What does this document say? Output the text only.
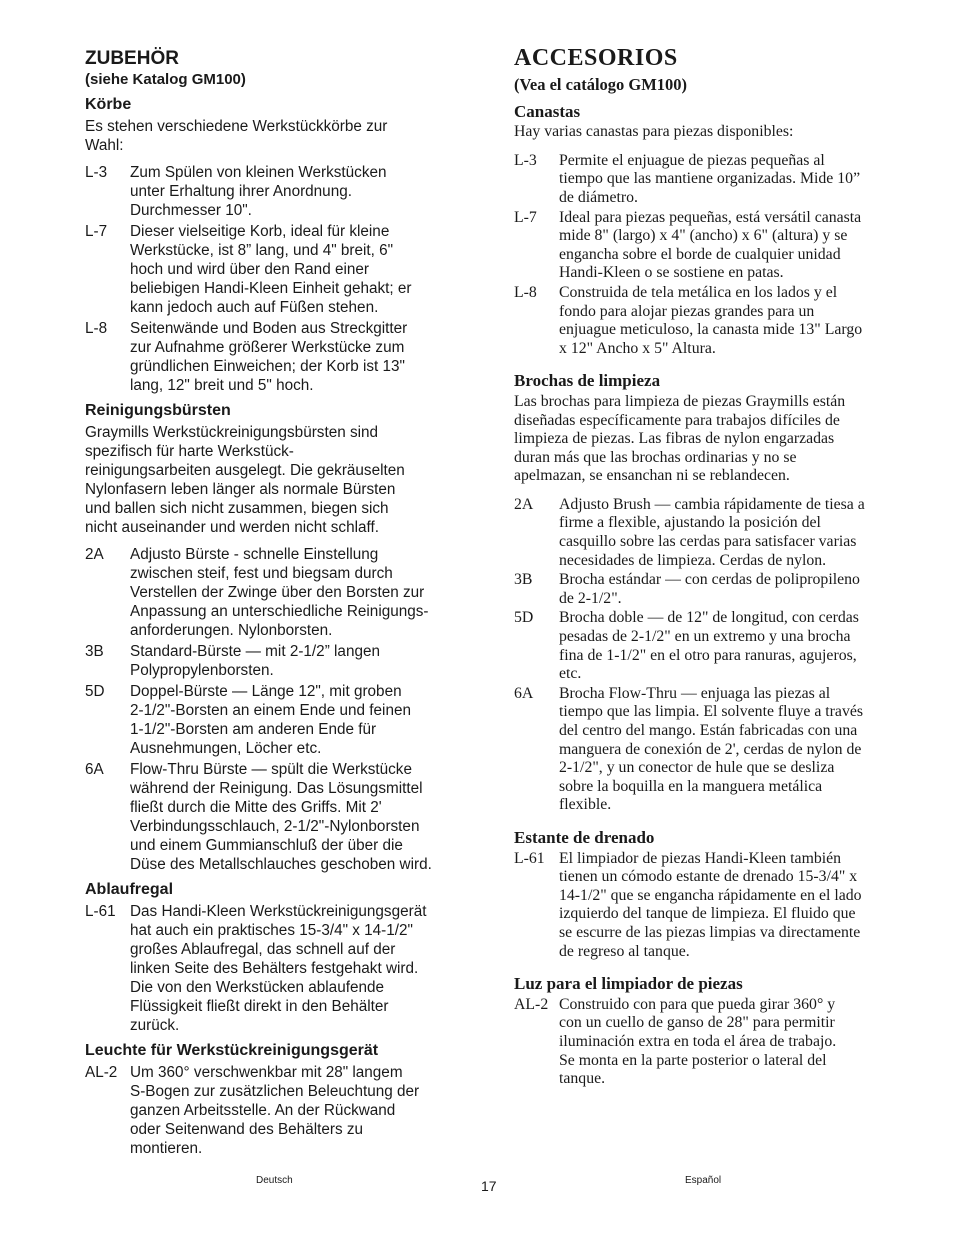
ZUBEHÖR
(siehe Katalog GM100)
Körbe
Es stehen verschiedene Werkstückkörbe zur
Wahl:
L-3	Zum Spülen von kleinen Werkstücken
unter Erhaltung ihrer Anordnung.
Durchmesser 10".
L-7	Dieser vielseitige Korb, ideal für kleine
Werkstücke, ist 8” lang, und 4" breit, 6"
hoch und wird über den Rand einer
beliebigen Handi-Kleen Einheit gehakt; er
kann jedoch auch auf Füßen stehen.
L-8	Seitenwände und Boden aus Streckgitter
zur Aufnahme größerer Werkstücke zum
gründlichen Einweichen; der Korb ist 13"
lang, 12" breit und 5" hoch.
Reinigungsbürsten
Graymills Werkstückreinigungsbürsten sind
spezifisch für harte Werkstück-
reinigungsarbeiten ausgelegt. Die gekräuselten
Nylonfasern leben länger als normale Bürsten
und ballen sich nicht zusammen, biegen sich
nicht auseinander und werden nicht schlaff.
2A	Adjusto Bürste - schnelle Einstellung
zwischen steif, fest und biegsam durch
Verstellen der Zwinge über den Borsten zur
Anpassung an unterschiedliche Reinigungs-
anforderungen. Nylonborsten.
3B	Standard-Bürste — mit 2-1/2” langen
Polypropylenborsten.
5D	Doppel-Bürste — Länge 12", mit groben
2-1/2"-Borsten an einem Ende und feinen
1-1/2"-Borsten am anderen Ende für
Ausnehmungen, Löcher etc.
6A	Flow-Thru Bürste — spült die Werkstücke
während der Reinigung. Das Lösungsmittel
fließt durch die Mitte des Griffs. Mit 2'
Verbindungsschlauch, 2-1/2"-Nylonborsten
und einem Gummianschluß der über die
Düse des Metallschlauches geschoben wird.
Ablaufregal
L-61 Das Handi-Kleen Werkstückreinigungsgerät
hat auch ein praktisches 15-3/4" x 14-1/2"
großes Ablaufregal, das schnell auf der
linken Seite des Behälters festgehakt wird.
Die von den Werkstücken ablaufende
Flüssigkeit fließt direkt in den Behälter
zurück.
Leuchte für Werkstückreinigungsgerät
AL-2 Um 360° verschwenkbar mit 28" langem
S-Bogen zur zusätzlichen Beleuchtung der
ganzen Arbeitsstelle. An der Rückwand
oder Seitenwand des Behälters zu
montieren.
ACCESORIOS
(Vea el catálogo GM100)
Canastas
Hay varias canastas para piezas disponibles:
L-3	Permite el enjuague de piezas pequeñas al
tiempo que las mantiene organizadas. Mide 10”
de diámetro.
L-7	Ideal para piezas pequeñas, está versátil canasta
mide 8" (largo) x 4" (ancho) x 6" (altura) y se
engancha sobre el borde de cualquier unidad
Handi-Kleen o se sostiene en patas.
L-8	Construida de tela metálica en los lados y el
fondo para alojar piezas grandes para un
enjuague meticuloso, la canasta mide 13" Largo
x 12" Ancho x 5" Altura.
Brochas de limpieza
Las brochas para limpieza de piezas Graymills están
diseñadas específicamente para trabajos difíciles de
limpieza de piezas. Las fibras de nylon engarzadas
duran más que las brochas ordinarias y no se
apelmazan, se ensanchan ni se reblandecen.
2A	Adjusto Brush — cambia rápidamente de tiesa a
firme a flexible, ajustando la posición del
casquillo sobre las cerdas para satisfacer varias
necesidades de limpieza. Cerdas de nylon.
3B	Brocha estándar — con cerdas de polipropileno
de 2-1/2".
5D	Brocha doble — de 12" de longitud, con cerdas
pesadas de 2-1/2" en un extremo y una brocha
fina de 1-1/2" en el otro para ranuras, agujeros,
etc.
6A	Brocha Flow-Thru — enjuaga las piezas al
tiempo que las limpia. El solvente fluye a través
del centro del mango. Están fabricadas con una
manguera de conexión de 2', cerdas de nylon de
2-1/2", y un conector de hule que se desliza
sobre la boquilla en la manguera metálica
flexible.
Estante de drenado
L-61 El limpiador de piezas Handi-Kleen también
tienen un cómodo estante de drenado 15-3/4" x
14-1/2" que se engancha rápidamente en el lado
izquierdo del tanque de limpieza. El fluido que
se escurre de las piezas limpias va directamente
de regreso al tanque.
Luz para el limpiador de piezas
AL-2 Construido con para que pueda girar 360° y
con un cuello de ganso de 28" para permitir
iluminación extra en toda el área de trabajo.
Se monta en la parte posterior o lateral del
tanque.
Deutsch	17	Español
